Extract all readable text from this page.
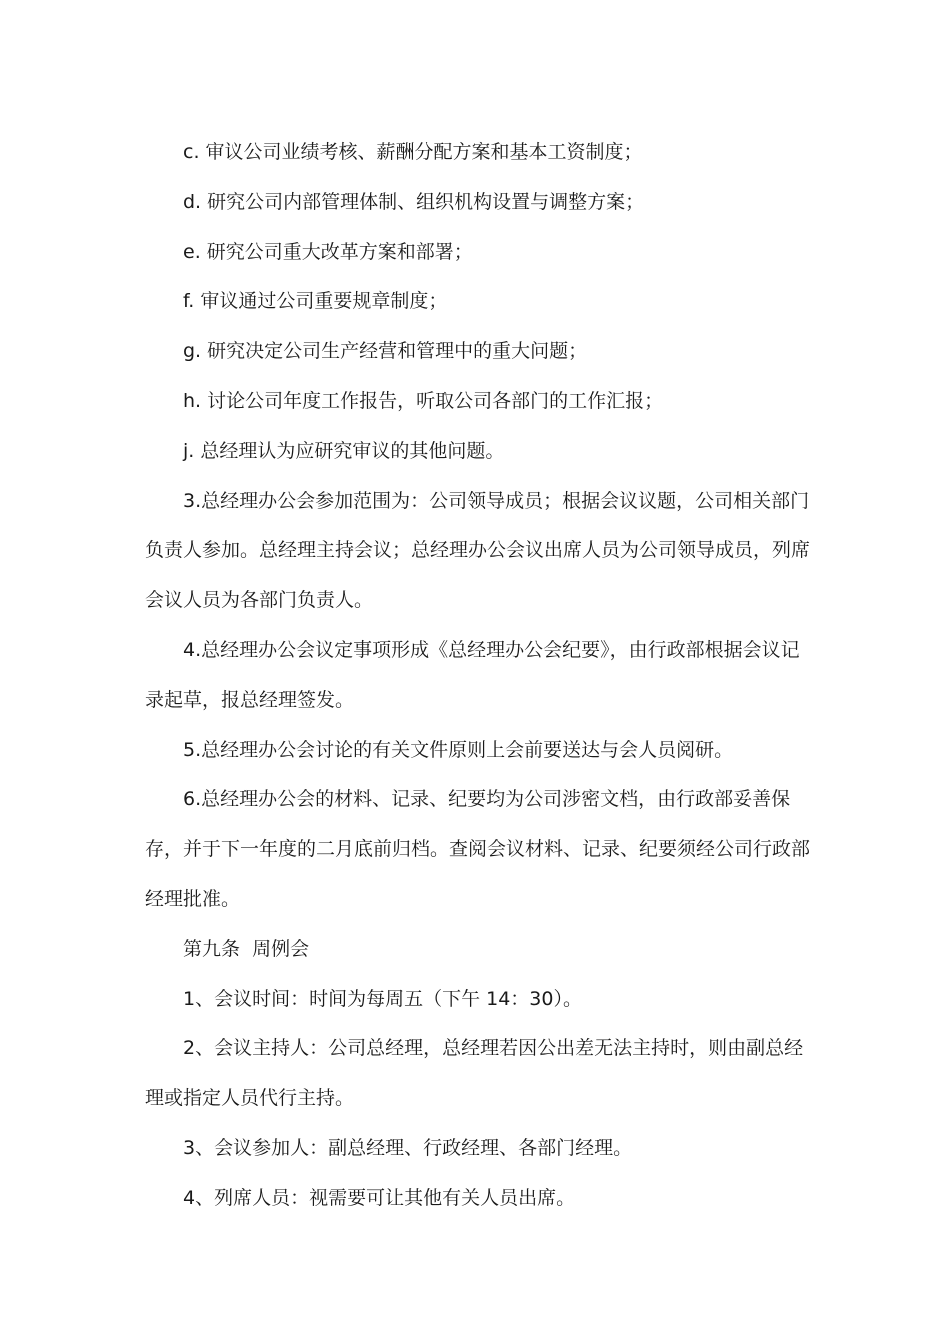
c. 审议公司业绩考核、薪酬分配方案和基本工资制度；

d. 研究公司内部管理体制、组织机构设置与调整方案；

e. 研究公司重大改革方案和部署；

f. 审议通过公司重要规章制度；

g. 研究决定公司生产经营和管理中的重大问题；

h. 讨论公司年度工作报告，听取公司各部门的工作汇报；

j. 总经理认为应研究审议的其他问题。

3.总经理办公会参加范围为：公司领导成员；根据会议议题，公司相关部门负责人参加。总经理主持会议；总经理办公会议出席人员为公司领导成员，列席会议人员为各部门负责人。

4.总经理办公会议定事项形成《总经理办公会纪要》，由行政部根据会议记录起草，报总经理签发。

5.总经理办公会讨论的有关文件原则上会前要送达与会人员阅研。

6.总经理办公会的材料、记录、纪要均为公司涉密文档，由行政部妥善保存，并于下一年度的二月底前归档。查阅会议材料、记录、纪要须经公司行政部经理批准。

第九条  周例会

1、会议时间：时间为每周五（下午 14：30）。

2、会议主持人：公司总经理，总经理若因公出差无法主持时，则由副总经理或指定人员代行主持。

3、会议参加人：副总经理、行政经理、各部门经理。

4、列席人员：视需要可让其他有关人员出席。
